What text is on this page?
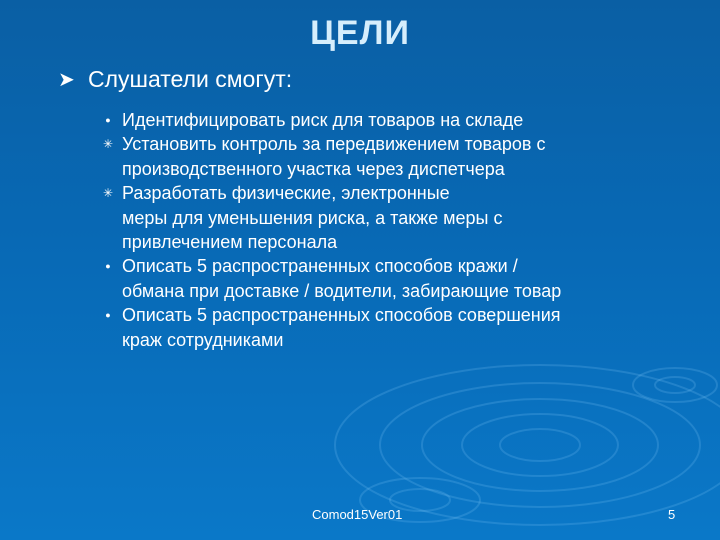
ЦЕЛИ
➤ Слушатели смогут:
● Идентифицировать риск для товаров на складе
✳ Установить контроль за передвижением товаров с
производственного участка через диспетчера
✳ Разработать физические, электронные
меры для уменьшения риска, а также меры с
привлечением персонала
● Описать 5 распространенных способов кражи /
обмана при доставке / водители, забирающие товар
● Описать 5 распространенных способов совершения
краж сотрудниками
Comod15Ver01	5
